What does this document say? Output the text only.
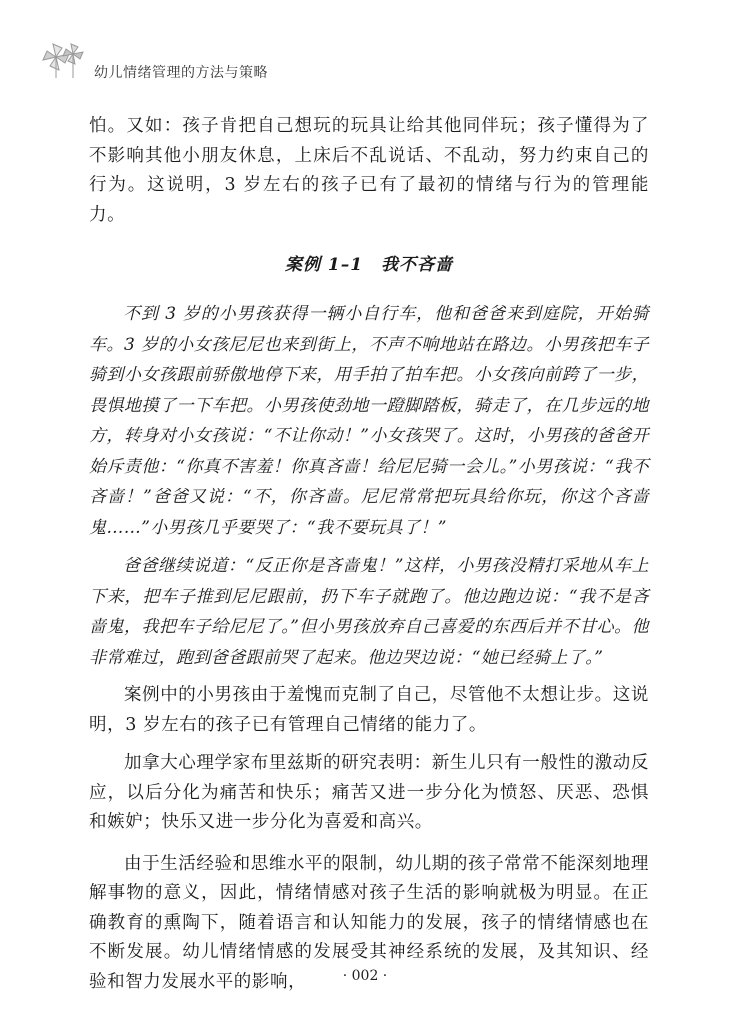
幼儿情绪管理的方法与策略

怕。又如：孩子肯把自己想玩的玩具让给其他同伴玩；孩子懂得为了不影响其他小朋友休息，上床后不乱说话、不乱动，努力约束自己的行为。这说明，3 岁左右的孩子已有了最初的情绪与行为的管理能力。

案例 1–1　我不吝啬

不到 3 岁的小男孩获得一辆小自行车，他和爸爸来到庭院，开始骑车。3 岁的小女孩尼尼也来到街上，不声不响地站在路边。小男孩把车子骑到小女孩跟前骄傲地停下来，用手拍了拍车把。小女孩向前跨了一步，畏惧地摸了一下车把。小男孩使劲地一蹬脚踏板，骑走了，在几步远的地方，转身对小女孩说：“不让你动！”小女孩哭了。这时，小男孩的爸爸开始斥责他：“你真不害羞！你真吝啬！给尼尼骑一会儿。”小男孩说：“我不吝啬！”爸爸又说：“不，你吝啬。尼尼常常把玩具给你玩，你这个吝啬鬼……”小男孩几乎要哭了：“我不要玩具了！”

爸爸继续说道：“反正你是吝啬鬼！”这样，小男孩没精打采地从车上下来，把车子推到尼尼跟前，扔下车子就跑了。他边跑边说：“我不是吝啬鬼，我把车子给尼尼了。”但小男孩放弃自己喜爱的东西后并不甘心。他非常难过，跑到爸爸跟前哭了起来。他边哭边说：“她已经骑上了。”

案例中的小男孩由于羞愧而克制了自己，尽管他不太想让步。这说明，3 岁左右的孩子已有管理自己情绪的能力了。

加拿大心理学家布里兹斯的研究表明：新生儿只有一般性的激动反应，以后分化为痛苦和快乐；痛苦又进一步分化为愤怒、厌恶、恐惧和嫉妒；快乐又进一步分化为喜爱和高兴。

由于生活经验和思维水平的限制，幼儿期的孩子常常不能深刻地理解事物的意义，因此，情绪情感对孩子生活的影响就极为明显。在正确教育的熏陶下，随着语言和认知能力的发展，孩子的情绪情感也在不断发展。幼儿情绪情感的发展受其神经系统的发展，及其知识、经验和智力发展水平的影响，	· 002 ·
